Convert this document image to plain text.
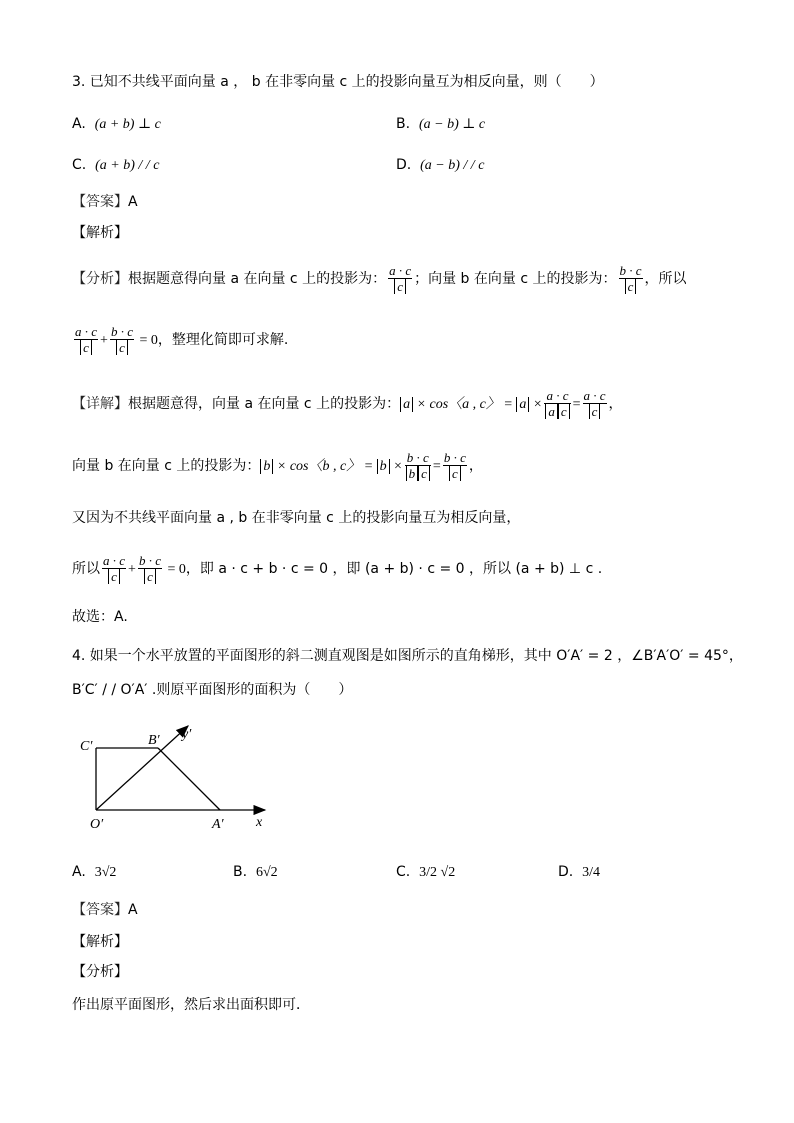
3. 已知不共线平面向量 a ， b 在非零向量 c 上的投影向量互为相反向量，则（　　）
A. (a + b) ⊥ c	B. (a − b) ⊥ c
C. (a + b) / / c	D. (a − b) / / c
【答案】A
【解析】
【分析】根据题意得向量 a 在向量 c 上的投影为： $\frac{a \cdot c}{c}$ ；向量 b 在向量 c 上的投影为： $\frac{b \cdot c}{c}$ ，所以
$\frac{a \cdot c}{c} + \frac{b \cdot c}{c} = 0$，整理化简即可求解.
【详解】根据题意得，向量 a 在向量 c 上的投影为： a × cos〈a , c〉 = $a \times \frac{a \cdot c}{\text{a c}} = \frac{a \cdot c}{c}$ ，
向量 b 在向量 c 上的投影为： b × cos〈b , c〉 = $b \times \frac{b \cdot c}{\text{b c}} = \frac{b \cdot c}{c}$ ，
又因为不共线平面向量 a , b 在非零向量 c 上的投影向量互为相反向量，
所以 $\frac{a \cdot c}{c} + \frac{b \cdot c}{c} = 0$，即 a · c + b · c = 0 ，即 (a + b) · c = 0 ，所以 (a + b) ⊥ c .
故选：A.
4. 如果一个水平放置的平面图形的斜二测直观图是如图所示的直角梯形，其中 O′A′ = 2 ，∠B′A′O′ = 45°，
B′C′ / / O′A′ .则原平面图形的面积为（　　）
C′	B′ y′
O′	A′ x
A. 3√2	B. 6√2	C. 3/2 √2	D. 3/4
【答案】A
【解析】
【分析】
作出原平面图形，然后求出面积即可．
